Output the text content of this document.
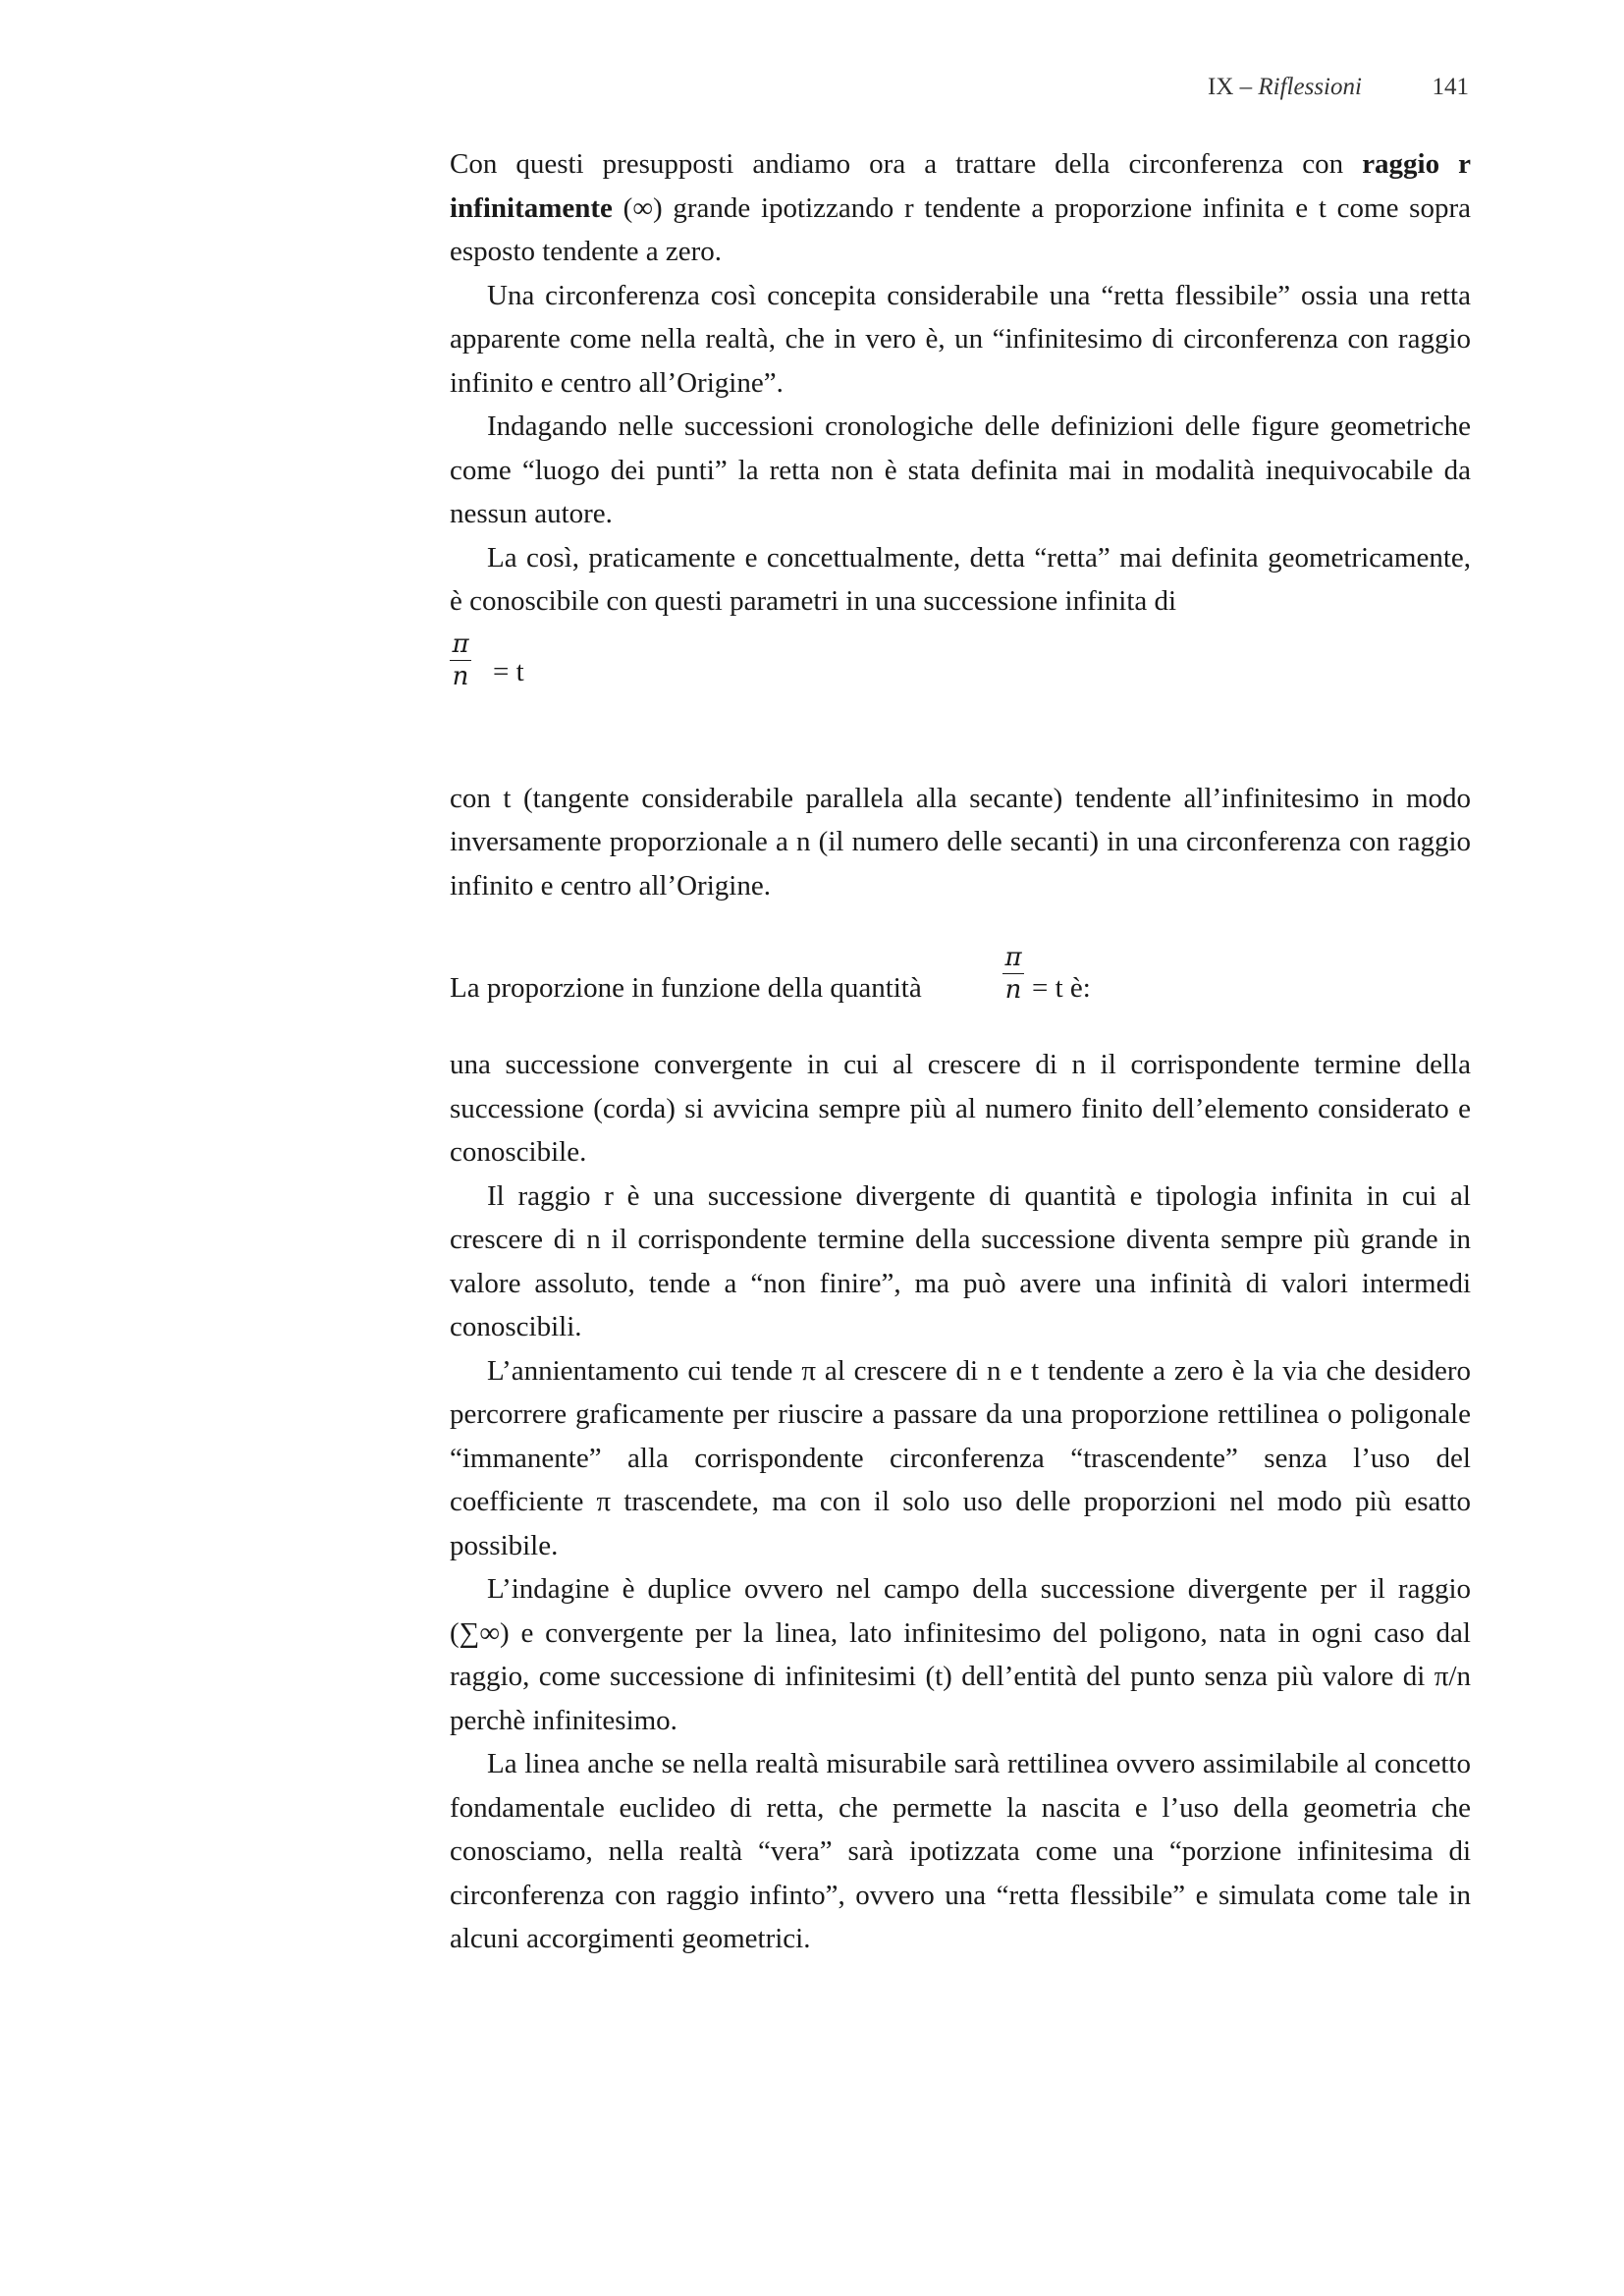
IX – Riflessioni	141

Con questi presupposti andiamo ora a trattare della circonferenza con raggio r infinitamente (∞) grande ipotizzando r tendente a proporzione infinita e t come sopra esposto tendente a zero.

Una circonferenza così concepita considerabile una “retta flessibile” ossia una retta apparente come nella realtà, che in vero è, un “infinitesimo di circonferenza con raggio infinito e centro all’Origine”.

Indagando nelle successioni cronologiche delle definizioni delle figure geometriche come “luogo dei punti” la retta non è stata definita mai in modalità inequivocabile da nessun autore.

La così, praticamente e concettualmente, detta “retta” mai definita geometricamente, è conoscibile con questi parametri in una successione infinita di

π
n = t

con t (tangente considerabile parallela alla secante) tendente all’infinitesimo in modo inversamente proporzionale a n (il numero delle secanti) in una circonferenza con raggio infinito e centro all’Origine.

La proporzione in funzione della quantità
π
n = t è:

una successione convergente in cui al crescere di n il corrispondente termine della successione (corda) si avvicina sempre più al numero finito dell’elemento considerato e conoscibile.

Il raggio r è una successione divergente di quantità e tipologia infinita in cui al crescere di n il corrispondente termine della successione diventa sempre più grande in valore assoluto, tende a “non finire”, ma può avere una infinità di valori intermedi conoscibili.

L’annientamento cui tende π al crescere di n e t tendente a zero è la via che desidero percorrere graficamente per riuscire a passare da una proporzione rettilinea o poligonale “immanente” alla corrispondente circonferenza “trascendente” senza l’uso del coefficiente π trascendete, ma con il solo uso delle proporzioni nel modo più esatto possibile.

L’indagine è duplice ovvero nel campo della successione divergente per il raggio (∑∞) e convergente per la linea, lato infinitesimo del poligono, nata in ogni caso dal raggio, come successione di infinitesimi (t) dell’entità del punto senza più valore di π/n perchè infinitesimo.

La linea anche se nella realtà misurabile sarà rettilinea ovvero assimilabile al concetto fondamentale euclideo di retta, che permette la nascita e l’uso della geometria che conosciamo, nella realtà “vera” sarà ipotizzata come una “porzione infinitesima di circonferenza con raggio infinto”, ovvero una “retta flessibile” e simulata come tale in alcuni accorgimenti geometrici.
